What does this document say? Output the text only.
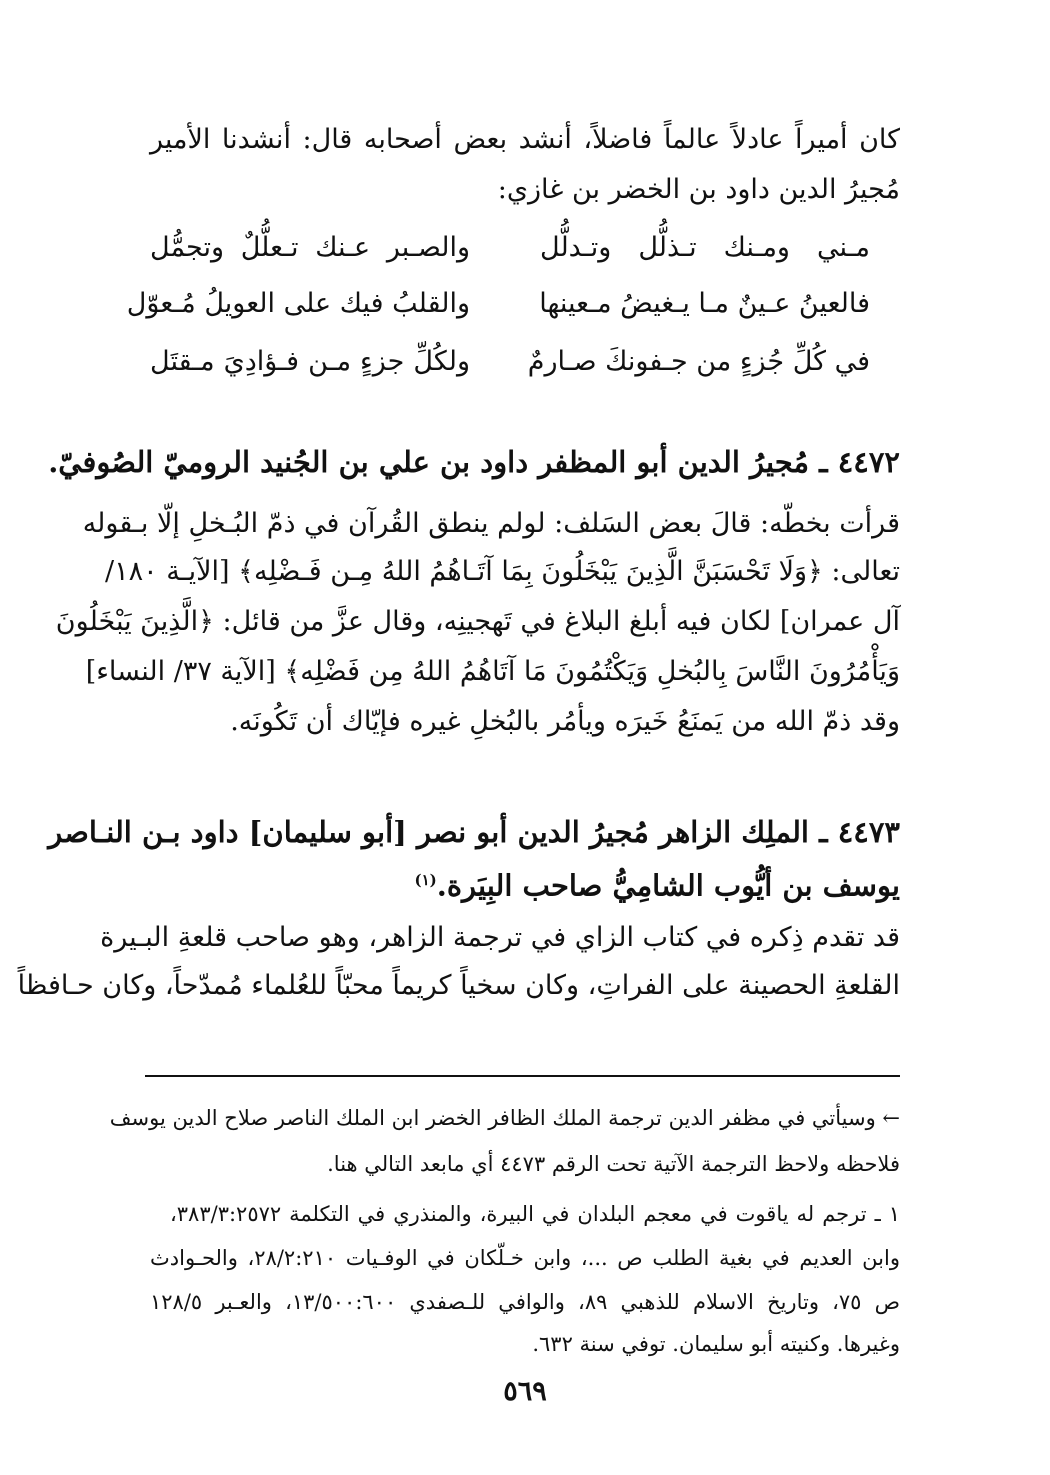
كان أميراً عادلاً عالماً فاضلاً، أنشد بعض أصحابه قال: أنشدنا الأمير
مُجيرُ الدين داود بن الخضر بن غازي:
مـني ومـنك تـذلُّل وتـدلُّل
والصـبر عـنك تـعلُّلٌ وتجمُّل
فالعينُ عـينٌ مـا يـغيضُ مـعينها
والقلبُ فيك على العويلُ مُـعوّل
في كُلِّ جُزءٍ من جـفونكَ صـارمٌ
ولكُلِّ جزءٍ مـن فـؤادِيَ مـقتَل
٤٤٧٢ ـ مُجيرُ الدين أبو المظفر داود بن علي بن الجُنيد الروميّ الصُوفيّ.
قرأت بخطّه: قالَ بعض السَلف: لولم ينطق القُرآن في ذمّ البُـخلِ إلّا بـقوله
تعالى: ﴿وَلَا تَحْسَبَنَّ الَّذِينَ يَبْخَلُونَ بِمَا آتَـاهُمُ اللهُ مِـن فَـضْلِه﴾ [الآيـة ١٨٠/
آل عمران] لكان فيه أبلغ البلاغ في تَهجينِه، وقال عزَّ من قائل: ﴿الَّذِينَ يَبْخَلُونَ
وَيَأْمُرُونَ النَّاسَ بِالبُخلِ وَيَكْتُمُونَ مَا آتَاهُمُ اللهُ مِن فَضْلِه﴾ [الآية ٣٧/ النساء]
وقد ذمّ الله من يَمنَعُ خَيرَه ويأمُر بالبُخلِ غيره فإيّاك أن تَكُونَه.
٤٤٧٣ ـ الملِك الزاهر مُجيرُ الدين أبو نصر [أبو سليمان] داود بـن النـاصر
يوسف بن أيُّوب الشامِيُّ صاحب البِيَرة.$^{(١)}$
قد تقدم ذِكره في كتاب الزاي في ترجمة الزاهر، وهو صاحب قلعةِ البـيرة
القلعةِ الحصينة على الفراتِ، وكان سخياً كريماً محبّاً للعُلماء مُمدّحاً، وكان حـافظاً
← وسيأتي في مظفر الدين ترجمة الملك الظافر الخضر ابن الملك الناصر صلاح الدين يوسف
فلاحظه ولاحظ الترجمة الآتية تحت الرقم ٤٤٧٣ أي مابعد التالي هنا.
١ ـ ترجم له ياقوت في معجم البلدان في البيرة، والمنذري في التكلمة ٣٨٣/٣:٢٥٧٢،
وابن العديم في بغية الطلب ص ...، وابن خـلّكان في الوفـيات ٢٨/٢:٢١٠، والحـوادث
ص ٧٥، وتاريخ الاسلام للذهبي ٨٩، والوافي للـصفدي ١٣/٥٠٠:٦٠٠، والعـبر ١٢٨/٥
وغيرها. وكنيته أبو سليمان. توفي سنة ٦٣٢.
٥٦٩
